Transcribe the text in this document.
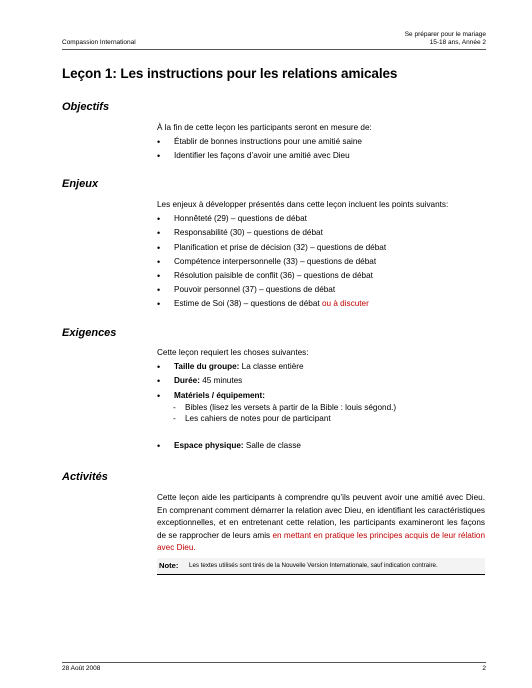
Compassion International
Se préparer pour le mariage
15-18 ans, Année 2
Leçon 1: Les instructions pour les relations amicales
Objectifs
À la fin de cette leçon les participants seront en mesure de:
• Établir de bonnes instructions pour une amitié saine
• Identifier les façons d’avoir une amitié avec Dieu
Enjeux
Les enjeux à développer présentés dans cette leçon incluent les points suivants:
• Honnêteté (29) – questions de débat
• Responsabilité (30) – questions de débat
• Planification et prise de décision (32) – questions de débat
• Compétence interpersonnelle (33) – questions de débat
• Résolution paisible de conflit (36) – questions de débat
• Pouvoir personnel (37) – questions de débat
• Estime de Soi (38) – questions de débat ou à discuter
Exigences
Cette leçon requiert les choses suivantes:
• Taille du groupe: La classe entière
• Durée: 45 minutes
• Matériels / équipement:
- Bibles (lisez les versets à partir de la Bible : louis ségond.)
- Les cahiers de notes pour de participant
• Espace physique: Salle de classe
Activités
Cette leçon aide les participants à comprendre qu’ils peuvent avoir une amitié avec Dieu. En comprenant comment démarrer la relation avec Dieu, en identifiant les caractéristiques exceptionnelles, et en entretenant cette relation, les participants examineront les façons de se rapprocher de leurs amis en mettant en pratique les principes acquis de leur rélation avec Dieu.
Note: Les textes utilisés sont tirés de la Nouvelle Version Internationale, sauf indication contraire.
28 Août 2008	2
